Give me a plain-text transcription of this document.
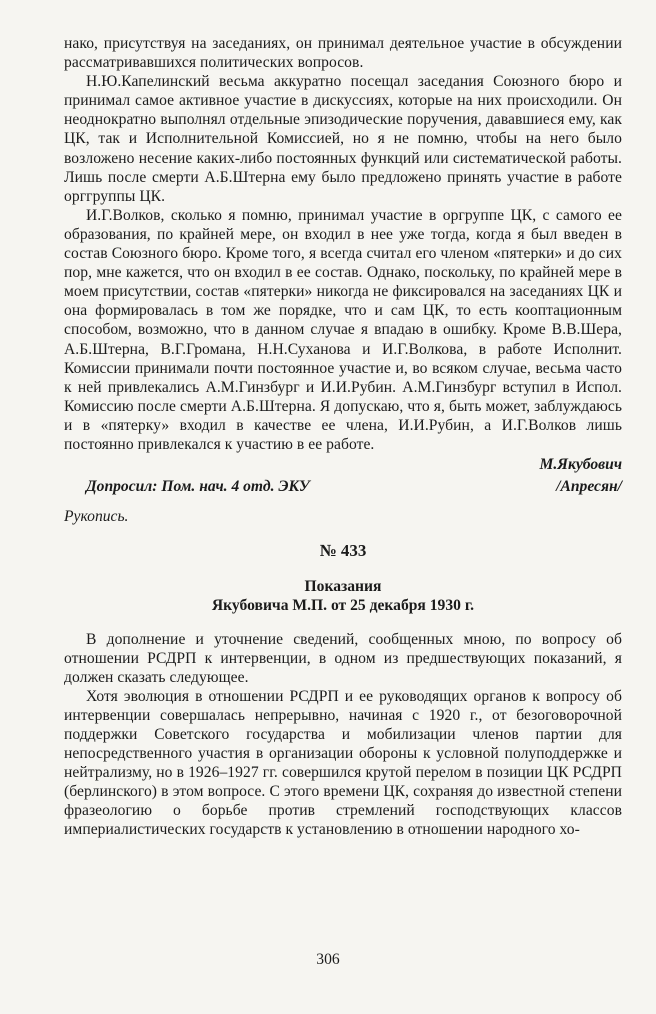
нако, присутствуя на заседаниях, он принимал деятельное участие в обсуждении рассматривавшихся политических вопросов.

Н.Ю.Капелинский весьма аккуратно посещал заседания Союзного бюро и принимал самое активное участие в дискуссиях, которые на них происходили. Он неоднократно выполнял отдельные эпизодические поручения, дававшиеся ему, как ЦК, так и Исполнительной Комиссией, но я не помню, чтобы на него было возложено несение каких-либо постоянных функций или систематической работы. Лишь после смерти А.Б.Штерна ему было предложено принять участие в работе орггруппы ЦК.

И.Г.Волков, сколько я помню, принимал участие в оргруппе ЦК, с самого ее образования, по крайней мере, он входил в нее уже тогда, когда я был введен в состав Союзного бюро. Кроме того, я всегда считал его членом «пятерки» и до сих пор, мне кажется, что он входил в ее состав. Однако, поскольку, по крайней мере в моем присутствии, состав «пятерки» никогда не фиксировался на заседаниях ЦК и она формировалась в том же порядке, что и сам ЦК, то есть кооптационным способом, возможно, что в данном случае я впадаю в ошибку. Кроме В.В.Шера, А.Б.Штерна, В.Г.Громана, Н.Н.Суханова и И.Г.Волкова, в работе Исполнит. Комиссии принимали почти постоянное участие и, во всяком случае, весьма часто к ней привлекались А.М.Гинзбург и И.И.Рубин. А.М.Гинзбург вступил в Испол. Комиссию после смерти А.Б.Штерна. Я допускаю, что я, быть может, заблуждаюсь и в «пятерку» входил в качестве ее члена, И.И.Рубин, а И.Г.Волков лишь постоянно привлекался к участию в ее работе.

М.Якубович
Допросил: Пом. нач. 4 отд. ЭКУ	/Апресян/
Рукопись.
№ 433
Показания
Якубовича М.П. от 25 декабря 1930 г.

В дополнение и уточнение сведений, сообщенных мною, по вопросу об отношении РСДРП к интервенции, в одном из предшествующих показаний, я должен сказать следующее.

Хотя эволюция в отношении РСДРП и ее руководящих органов к вопросу об интервенции совершалась непрерывно, начиная с 1920 г., от безоговорочной поддержки Советского государства и мобилизации членов партии для непосредственного участия в организации обороны к условной полуподдержке и нейтрализму, но в 1926–1927 гг. совершился крутой перелом в позиции ЦК РСДРП (берлинского) в этом вопросе. С этого времени ЦК, сохраняя до известной степени фразеологию о борьбе против стремлений господствующих классов империалистических государств к установлению в отношении народного хо-

306
